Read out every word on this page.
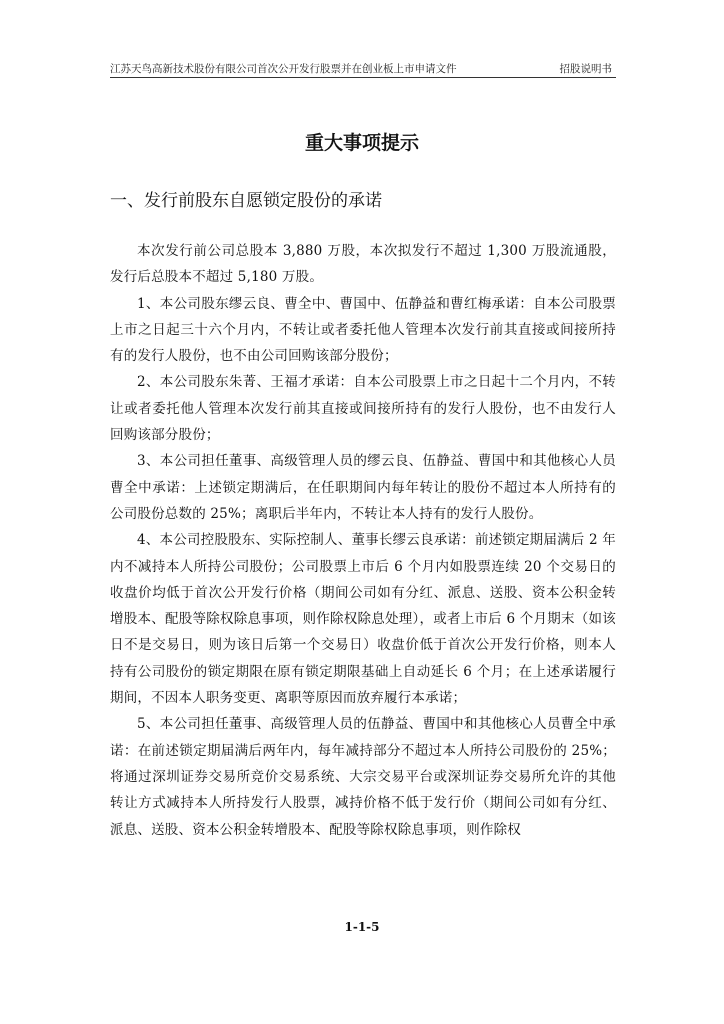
江苏天鸟高新技术股份有限公司首次公开发行股票并在创业板上市申请文件	招股说明书
重大事项提示
一、发行前股东自愿锁定股份的承诺

本次发行前公司总股本 3,880 万股，本次拟发行不超过 1,300 万股流通股，发行后总股本不超过 5,180 万股。

1、本公司股东缪云良、曹全中、曹国中、伍静益和曹红梅承诺：自本公司股票上市之日起三十六个月内，不转让或者委托他人管理本次发行前其直接或间接所持有的发行人股份，也不由公司回购该部分股份；

2、本公司股东朱菁、王福才承诺：自本公司股票上市之日起十二个月内，不转让或者委托他人管理本次发行前其直接或间接所持有的发行人股份，也不由发行人回购该部分股份；

3、本公司担任董事、高级管理人员的缪云良、伍静益、曹国中和其他核心人员曹全中承诺：上述锁定期满后，在任职期间内每年转让的股份不超过本人所持有的公司股份总数的 25%；离职后半年内，不转让本人持有的发行人股份。

4、本公司控股股东、实际控制人、董事长缪云良承诺：前述锁定期届满后 2 年内不减持本人所持公司股份；公司股票上市后 6 个月内如股票连续 20 个交易日的收盘价均低于首次公开发行价格（期间公司如有分红、派息、送股、资本公积金转增股本、配股等除权除息事项，则作除权除息处理），或者上市后 6 个月期末（如该日不是交易日，则为该日后第一个交易日）收盘价低于首次公开发行价格，则本人持有公司股份的锁定期限在原有锁定期限基础上自动延长 6 个月；在上述承诺履行期间，不因本人职务变更、离职等原因而放弃履行本承诺；

5、本公司担任董事、高级管理人员的伍静益、曹国中和其他核心人员曹全中承诺：在前述锁定期届满后两年内，每年减持部分不超过本人所持公司股份的 25%；将通过深圳证券交易所竞价交易系统、大宗交易平台或深圳证券交易所允许的其他转让方式减持本人所持发行人股票，减持价格不低于发行价（期间公司如有分红、派息、送股、资本公积金转增股本、配股等除权除息事项，则作除权

1-1-5
